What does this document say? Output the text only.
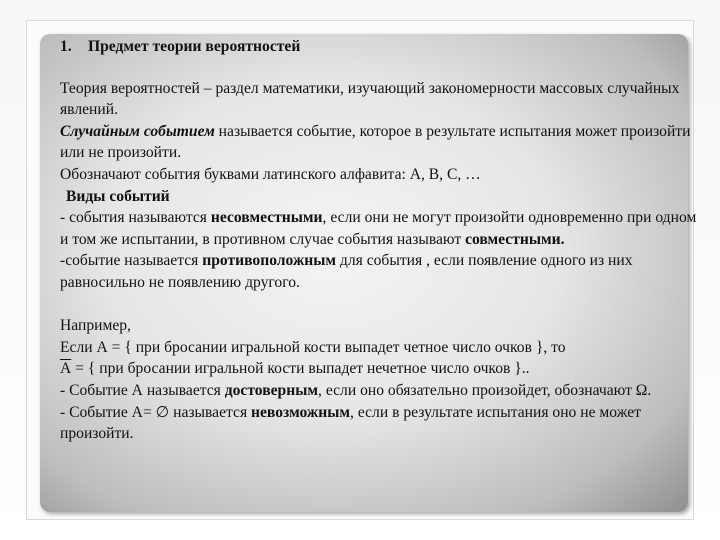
1. Предмет теории вероятностей

Теория вероятностей – раздел математики, изучающий закономерности массовых случайных явлений.

Случайным событием называется событие, которое в результате испытания может произойти или не произойти.

Обозначают события буквами латинского алфавита: А, В, С, …

Виды событий

- события называются несовместными, если они не могут произойти одновременно при одном и том же испытании, в противном случае события называют совместными.

-событие называется противоположным для события , если появление одного из них равносильно не появлению другого.

Например,

Если А = { при бросании игральной кости выпадет четное число очков }, то

А = { при бросании игральной кости выпадет нечетное число очков }..

- Событие А называется достоверным, если оно обязательно произойдет, обозначают Ω.

- Событие А= ∅ называется невозможным, если в результате испытания оно не может произойти.
